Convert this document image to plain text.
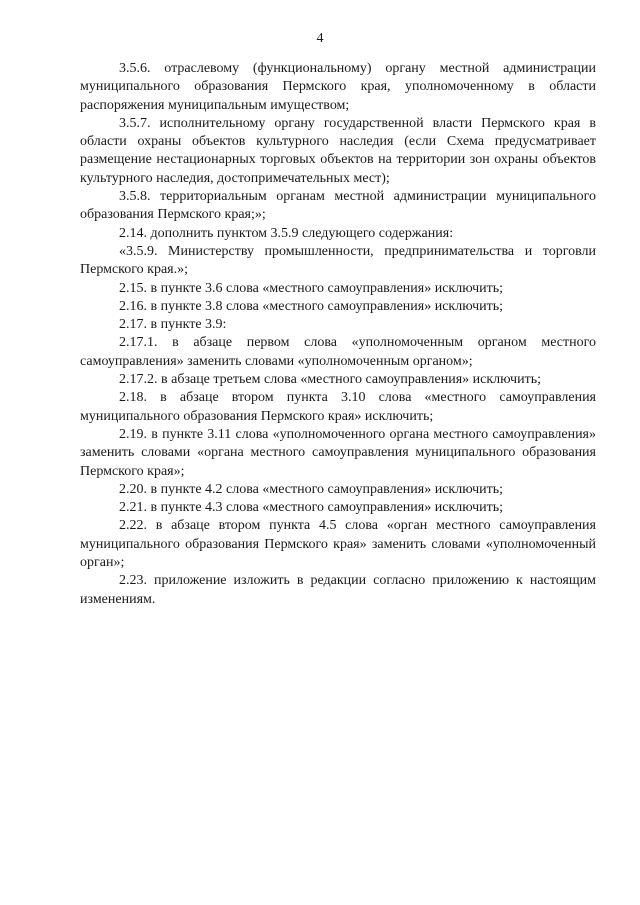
4

3.5.6. отраслевому (функциональному) органу местной администрации муниципального образования Пермского края, уполномоченному в области распоряжения муниципальным имуществом;

3.5.7. исполнительному органу государственной власти Пермского края в области охраны объектов культурного наследия (если Схема предусматривает размещение нестационарных торговых объектов на территории зон охраны объектов культурного наследия, достопримечательных мест);

3.5.8. территориальным органам местной администрации муниципального образования Пермского края;»;

2.14. дополнить пунктом 3.5.9 следующего содержания:

«3.5.9. Министерству промышленности, предпринимательства и торговли Пермского края.»;

2.15. в пункте 3.6 слова «местного самоуправления» исключить;

2.16. в пункте 3.8 слова «местного самоуправления» исключить;

2.17. в пункте 3.9:

2.17.1. в абзаце первом слова «уполномоченным органом местного самоуправления» заменить словами «уполномоченным органом»;

2.17.2. в абзаце третьем слова «местного самоуправления» исключить;

2.18. в абзаце втором пункта 3.10 слова «местного самоуправления муниципального образования Пермского края» исключить;

2.19. в пункте 3.11 слова «уполномоченного органа местного самоуправления» заменить словами «органа местного самоуправления муниципального образования Пермского края»;

2.20. в пункте 4.2 слова «местного самоуправления» исключить;

2.21. в пункте 4.3 слова «местного самоуправления» исключить;

2.22. в абзаце втором пункта 4.5 слова «орган местного самоуправления муниципального образования Пермского края» заменить словами «уполномоченный орган»;

2.23. приложение изложить в редакции согласно приложению к настоящим изменениям.
